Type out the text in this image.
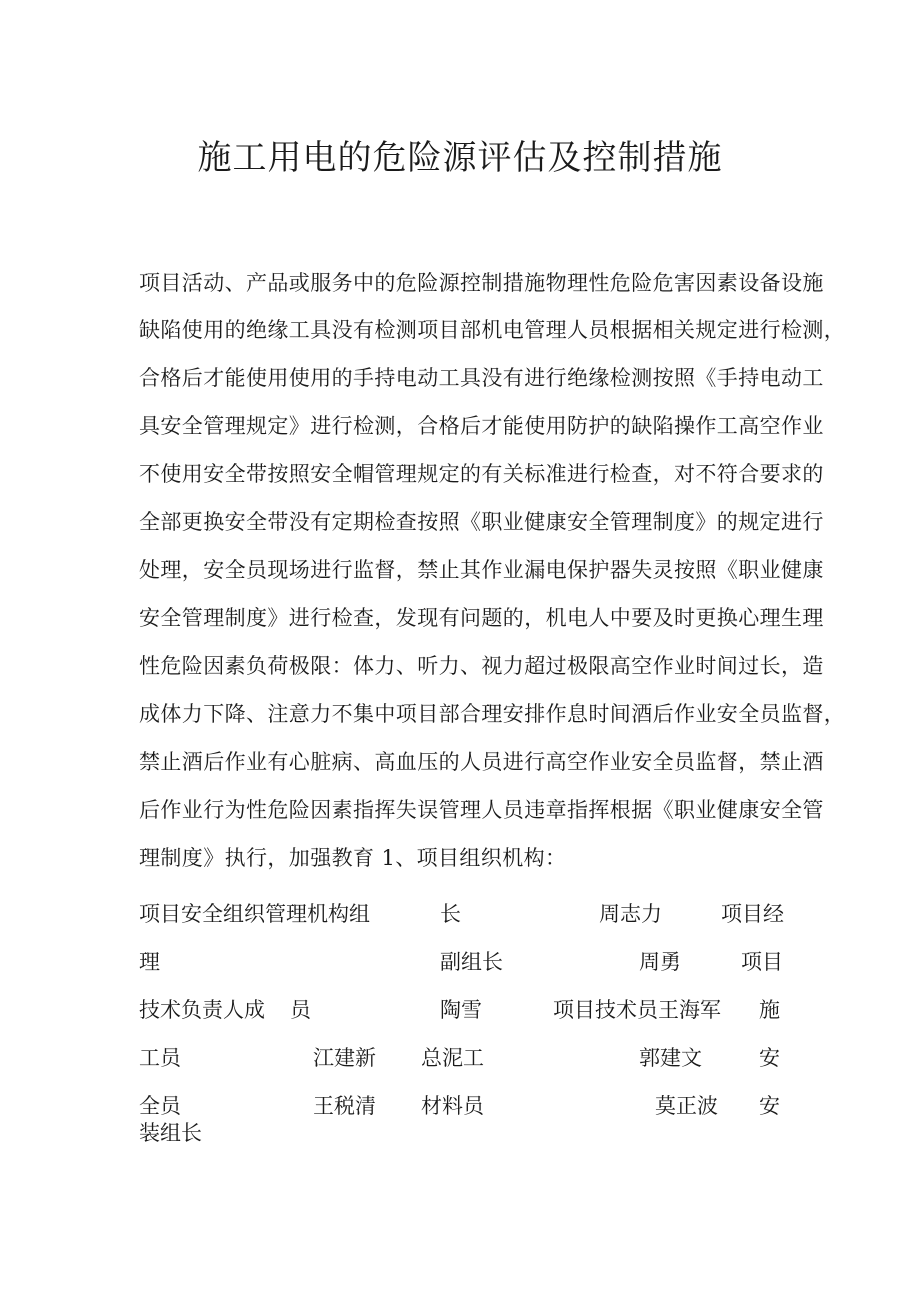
施工用电的危险源评估及控制措施
项目活动、产品或服务中的危险源控制措施物理性危险危害因素设备设施
缺陷使用的绝缘工具没有检测项目部机电管理人员根据相关规定进行检测，
合格后才能使用使用的手持电动工具没有进行绝缘检测按照《手持电动工
具安全管理规定》进行检测，合格后才能使用防护的缺陷操作工高空作业
不使用安全带按照安全帽管理规定的有关标准进行检查，对不符合要求的
全部更换安全带没有定期检查按照《职业健康安全管理制度》的规定进行
处理，安全员现场进行监督，禁止其作业漏电保护器失灵按照《职业健康
安全管理制度》进行检查，发现有问题的，机电人中要及时更换心理生理
性危险因素负荷极限：体力、听力、视力超过极限高空作业时间过长，造
成体力下降、注意力不集中项目部合理安排作息时间酒后作业安全员监督，
禁止酒后作业有心脏病、高血压的人员进行高空作业安全员监督，禁止酒
后作业行为性危险因素指挥失误管理人员违章指挥根据《职业健康安全管
理制度》执行，加强教育 1、项目组织机构：
项目安全组织管理机构组	长	周志力	项目经
理	副组长	周勇	项目
技术负责人成 员	陶雪	项目技术员王海军 施
工员	江建新 总泥工	郭建文	安
全员	王税清 材料员	莫正波 安
装组长
